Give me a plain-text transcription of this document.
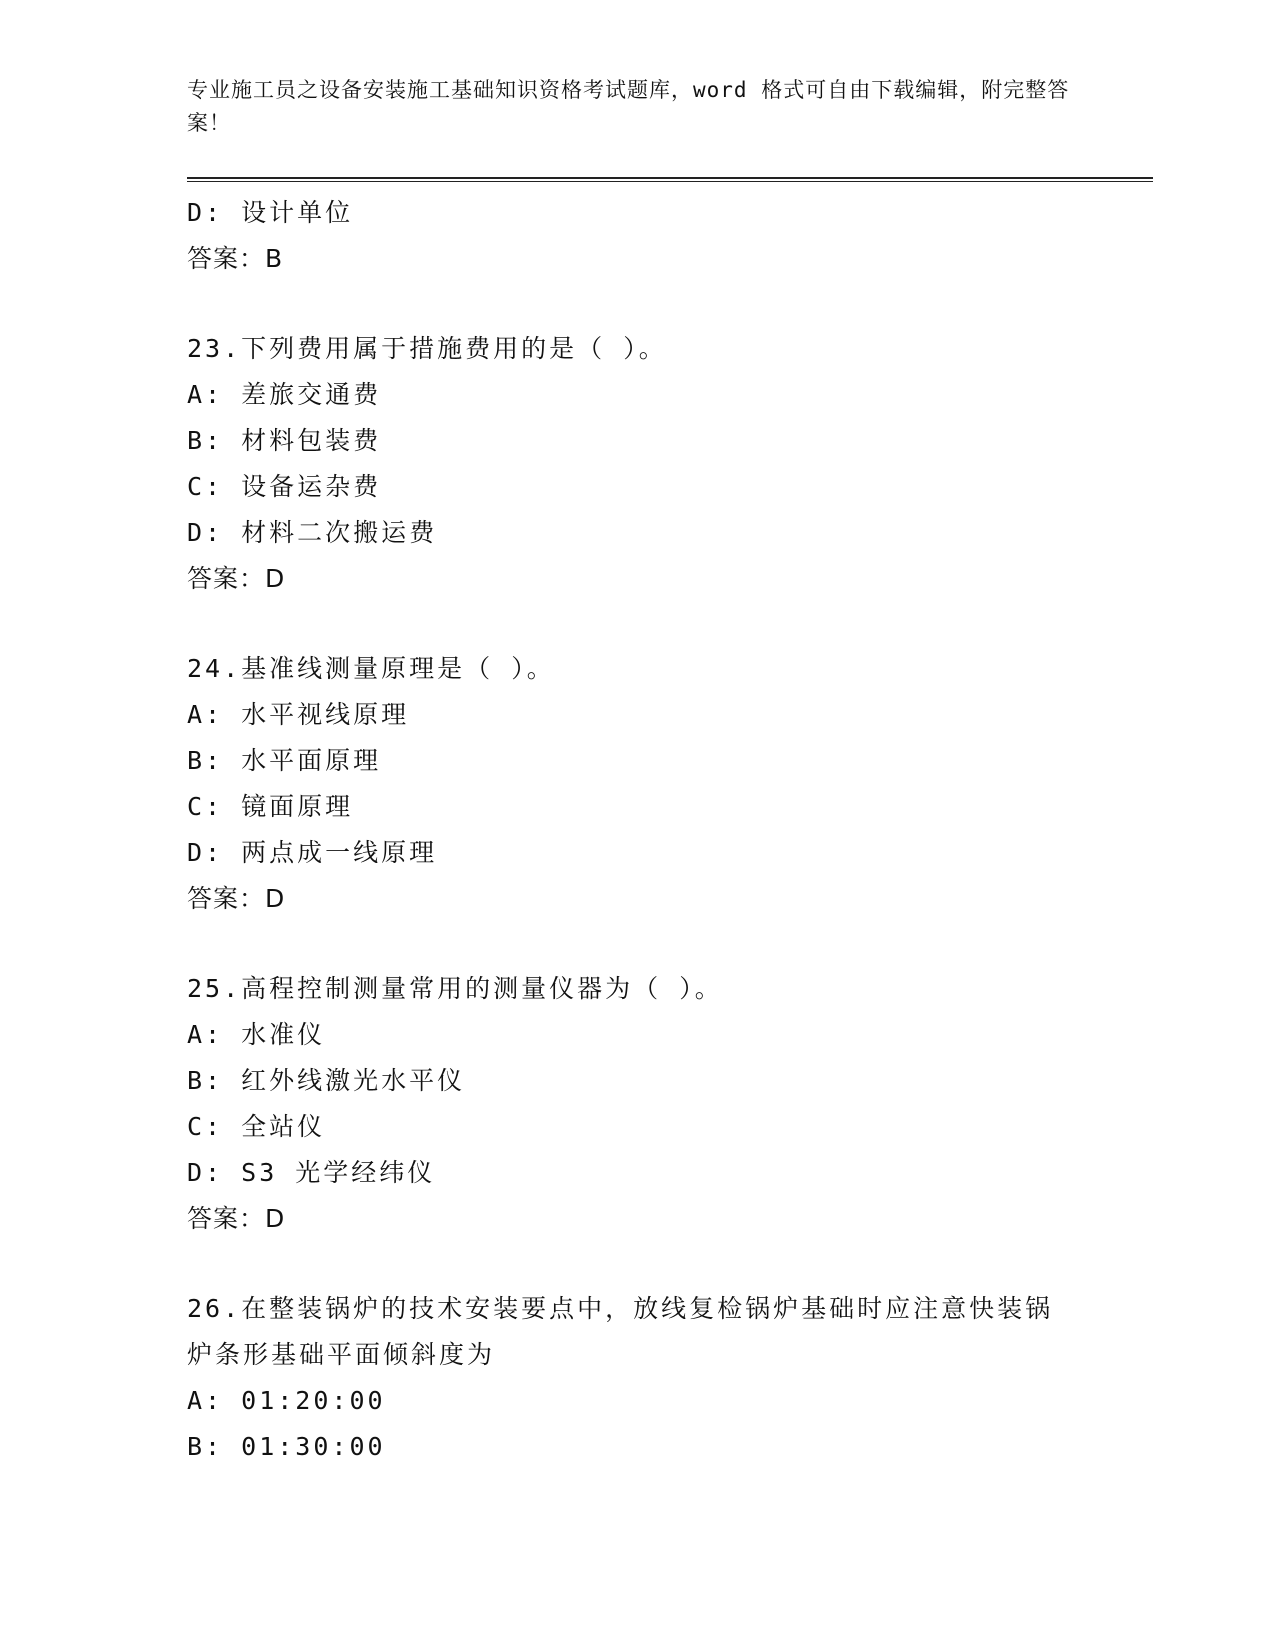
专业施工员之设备安装施工基础知识资格考试题库，word 格式可自由下载编辑，附完整答案！
D: 设计单位
答案：B
23.下列费用属于措施费用的是（ ）。
A: 差旅交通费
B: 材料包装费
C: 设备运杂费
D: 材料二次搬运费
答案：D
24.基准线测量原理是（ ）。
A: 水平视线原理
B: 水平面原理
C: 镜面原理
D: 两点成一线原理
答案：D
25.高程控制测量常用的测量仪器为（ ）。
A: 水准仪
B: 红外线激光水平仪
C: 全站仪
D: S3 光学经纬仪
答案：D
26.在整装锅炉的技术安装要点中，放线复检锅炉基础时应注意快装锅炉条形基础平面倾斜度为
A: 01:20:00
B: 01:30:00
